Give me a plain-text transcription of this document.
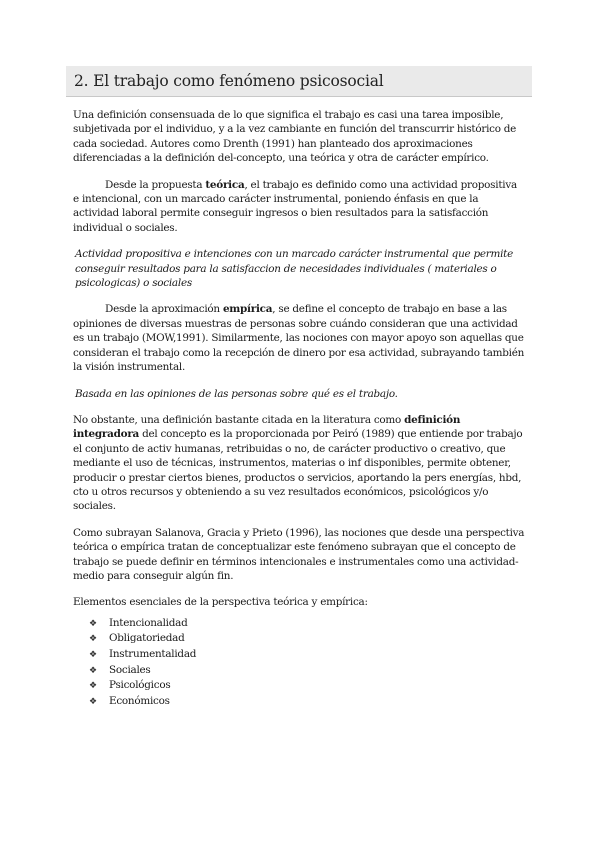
2. El trabajo como fenómeno psicosocial

Una definición consensuada de lo que significa el trabajo es casi una tarea imposible, subjetivada por el individuo, y a la vez cambiante en función del transcurrir histórico de cada sociedad. Autores como Drenth (1991) han planteado dos aproximaciones diferenciadas a la definición del-concepto, una teórica y otra de carácter empírico.

Desde la propuesta teórica, el trabajo es definido como una actividad propositiva e intencional, con un marcado carácter instrumental, poniendo énfasis en que la actividad laboral permite conseguir ingresos o bien resultados para la satisfacción individual o sociales.

Actividad propositiva e intenciones con un marcado carácter instrumental que permite conseguir resultados para la satisfaccion de necesidades individuales ( materiales o psicologicas) o sociales

Desde la aproximación empírica, se define el concepto de trabajo en base a las opiniones de diversas muestras de personas sobre cuándo consideran que una actividad es un trabajo (MOW,1991). Similarmente, las nociones con mayor apoyo son aquellas que consideran el trabajo como la recepción de dinero por esa actividad, subrayando también la visión instrumental.

Basada en las opiniones de las personas sobre qué es el trabajo.

No obstante, una definición bastante citada en la literatura como definición integradora del concepto es la proporcionada por Peiró (1989) que entiende por trabajo el conjunto de activ humanas, retribuidas o no, de carácter productivo o creativo, que mediante el uso de técnicas, instrumentos, materias o inf disponibles, permite obtener, producir o prestar ciertos bienes, productos o servicios, aportando la pers energías, hbd, cto u otros recursos y obteniendo a su vez resultados económicos, psicológicos y/o sociales.

Como subrayan Salanova, Gracia y Prieto (1996), las nociones que desde una perspectiva teórica o empírica tratan de conceptualizar este fenómeno subrayan que el concepto de trabajo se puede definir en términos intencionales e instrumentales como una actividad-medio para conseguir algún fin.

Elementos esenciales de la perspectiva teórica y empírica:

❖ Intencionalidad
❖ Obligatoriedad
❖ Instrumentalidad
❖ Sociales
❖ Psicológicos
❖ Económicos
